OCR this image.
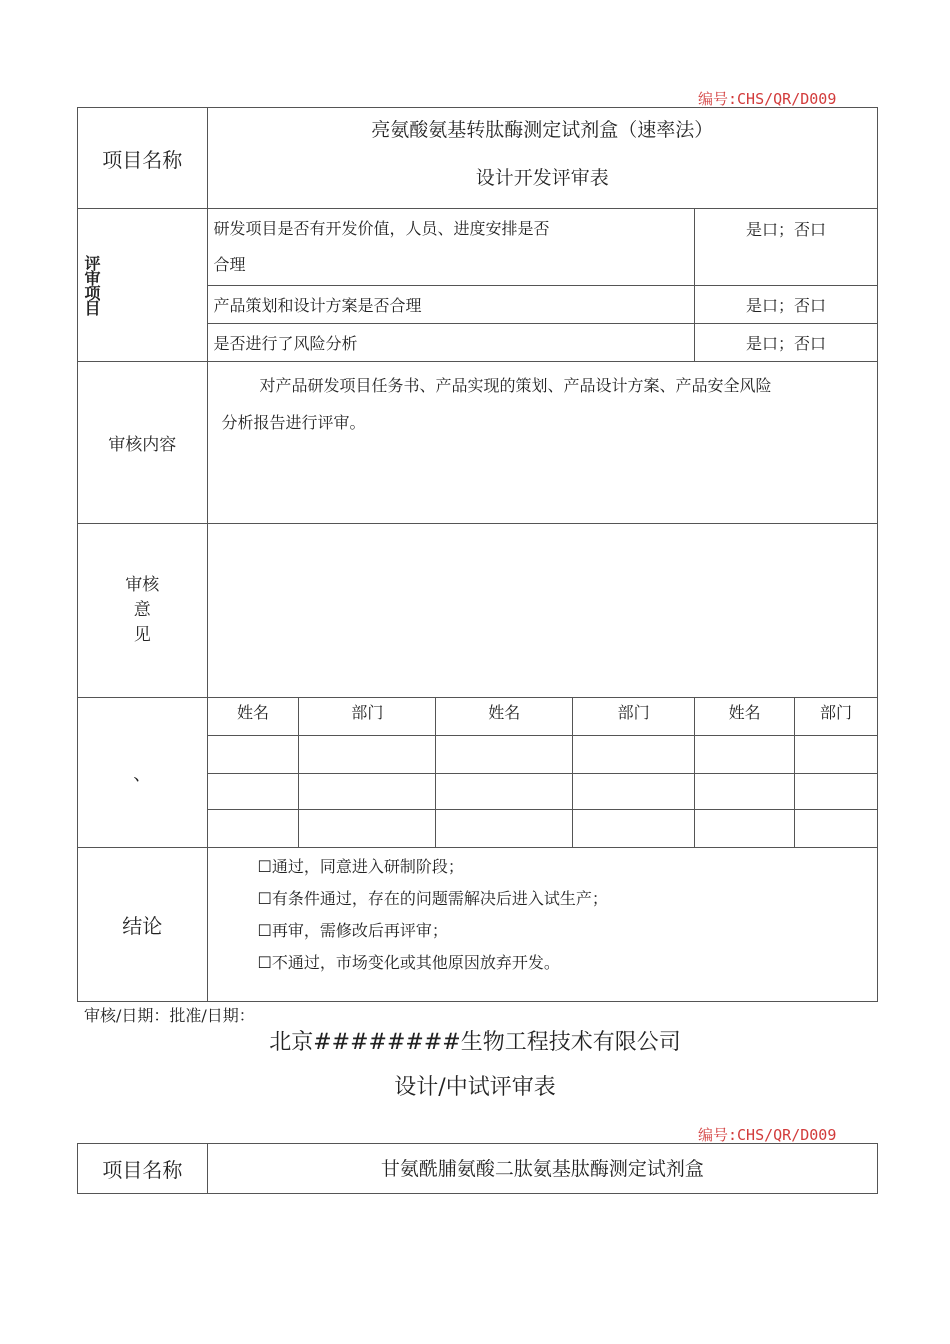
编号:CHS/QR/D009
项目名称	亮氨酸氨基转肽酶测定试剂盒（速率法）
设计开发评审表					

评审项目	研发项目是否有开发价值，人员、进度安排是否
合理				是口；否口	
	产品策划和设计方案是否合理				是口；否口	
	是否进行了风险分析				是口；否口	
审核内容	对产品研发项目任务书、产品实现的策划、产品设计方案、产品安全风险
分析报告进行评审。					

审核
意
见						

、	姓名	部门	姓名	部门	姓名	部门

结论	☐通过，同意进入研制阶段；
☐有条件通过，存在的问题需解决后进入试生产；
☐再审，需修改后再评审；
☐不通过，市场变化或其他原因放弃开发。					
审核/日期：批准/日期：
北京########生物工程技术有限公司
设计/中试评审表
编号:CHS/QR/D009
项目名称	甘氨酰脯氨酸二肽氨基肽酶测定试剂盒
